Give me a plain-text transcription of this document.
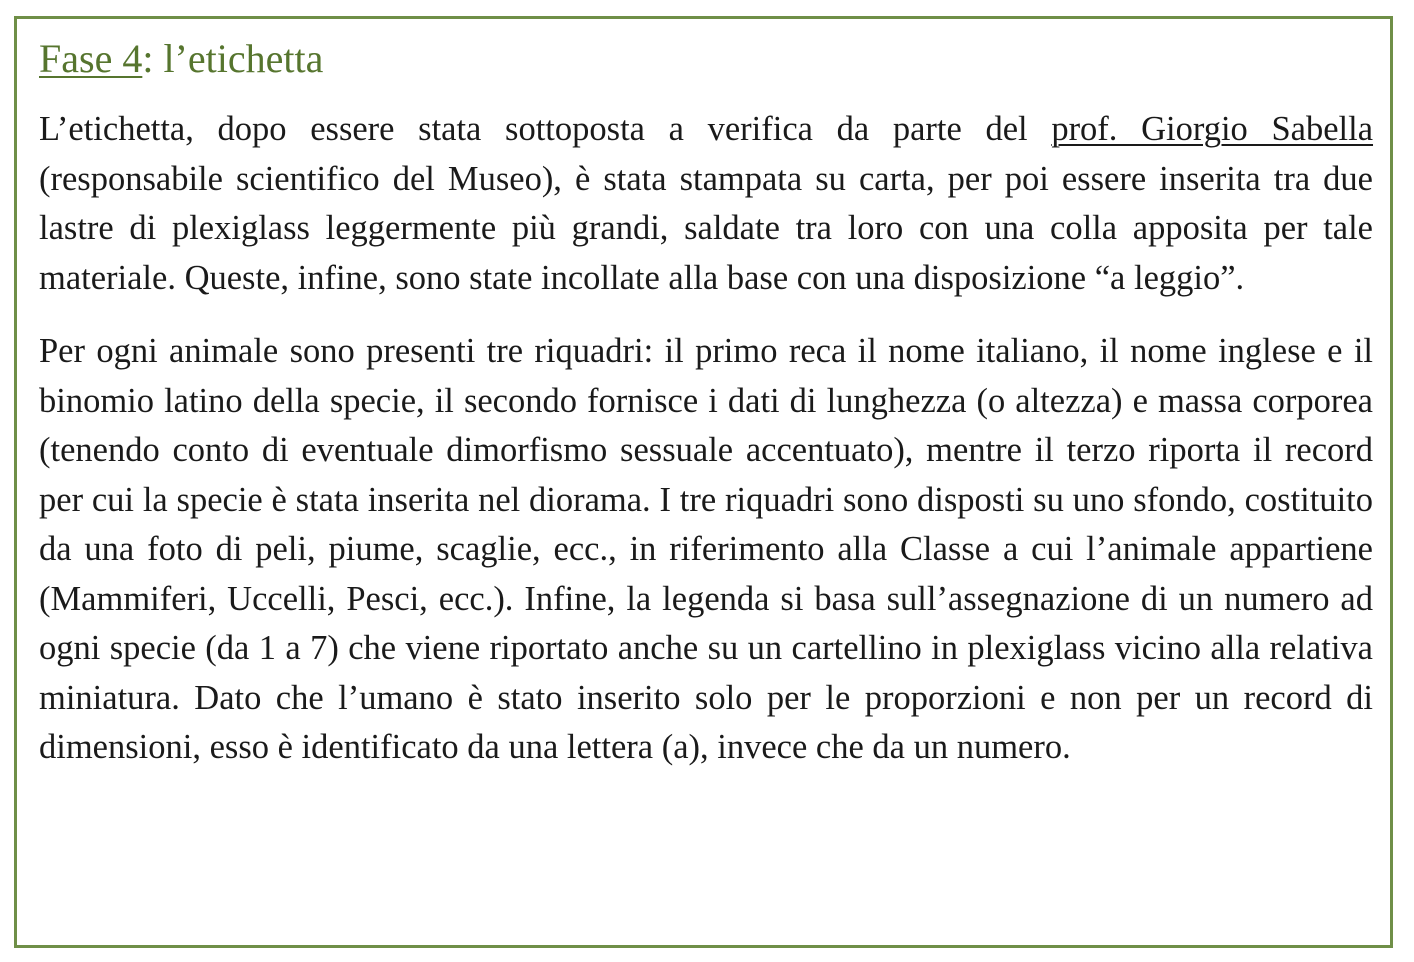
Fase 4: l’etichetta

L’etichetta, dopo essere stata sottoposta a verifica da parte del prof. Giorgio Sabella (responsabile scientifico del Museo), è stata stampata su carta, per poi essere inserita tra due lastre di plexiglass leggermente più grandi, saldate tra loro con una colla apposita per tale materiale. Queste, infine, sono state incollate alla base con una disposizione “a leggio”.

Per ogni animale sono presenti tre riquadri: il primo reca il nome italiano, il nome inglese e il binomio latino della specie, il secondo fornisce i dati di lunghezza (o altezza) e massa corporea (tenendo conto di eventuale dimorfismo sessuale accentuato), mentre il terzo riporta il record per cui la specie è stata inserita nel diorama. I tre riquadri sono disposti su uno sfondo, costituito da una foto di peli, piume, scaglie, ecc., in riferimento alla Classe a cui l’animale appartiene (Mammiferi, Uccelli, Pesci, ecc.). Infine, la legenda si basa sull’assegnazione di un numero ad ogni specie (da 1 a 7) che viene riportato anche su un cartellino in plexiglass vicino alla relativa miniatura. Dato che l’umano è stato inserito solo per le proporzioni e non per un record di dimensioni, esso è identificato da una lettera (a), invece che da un numero.
